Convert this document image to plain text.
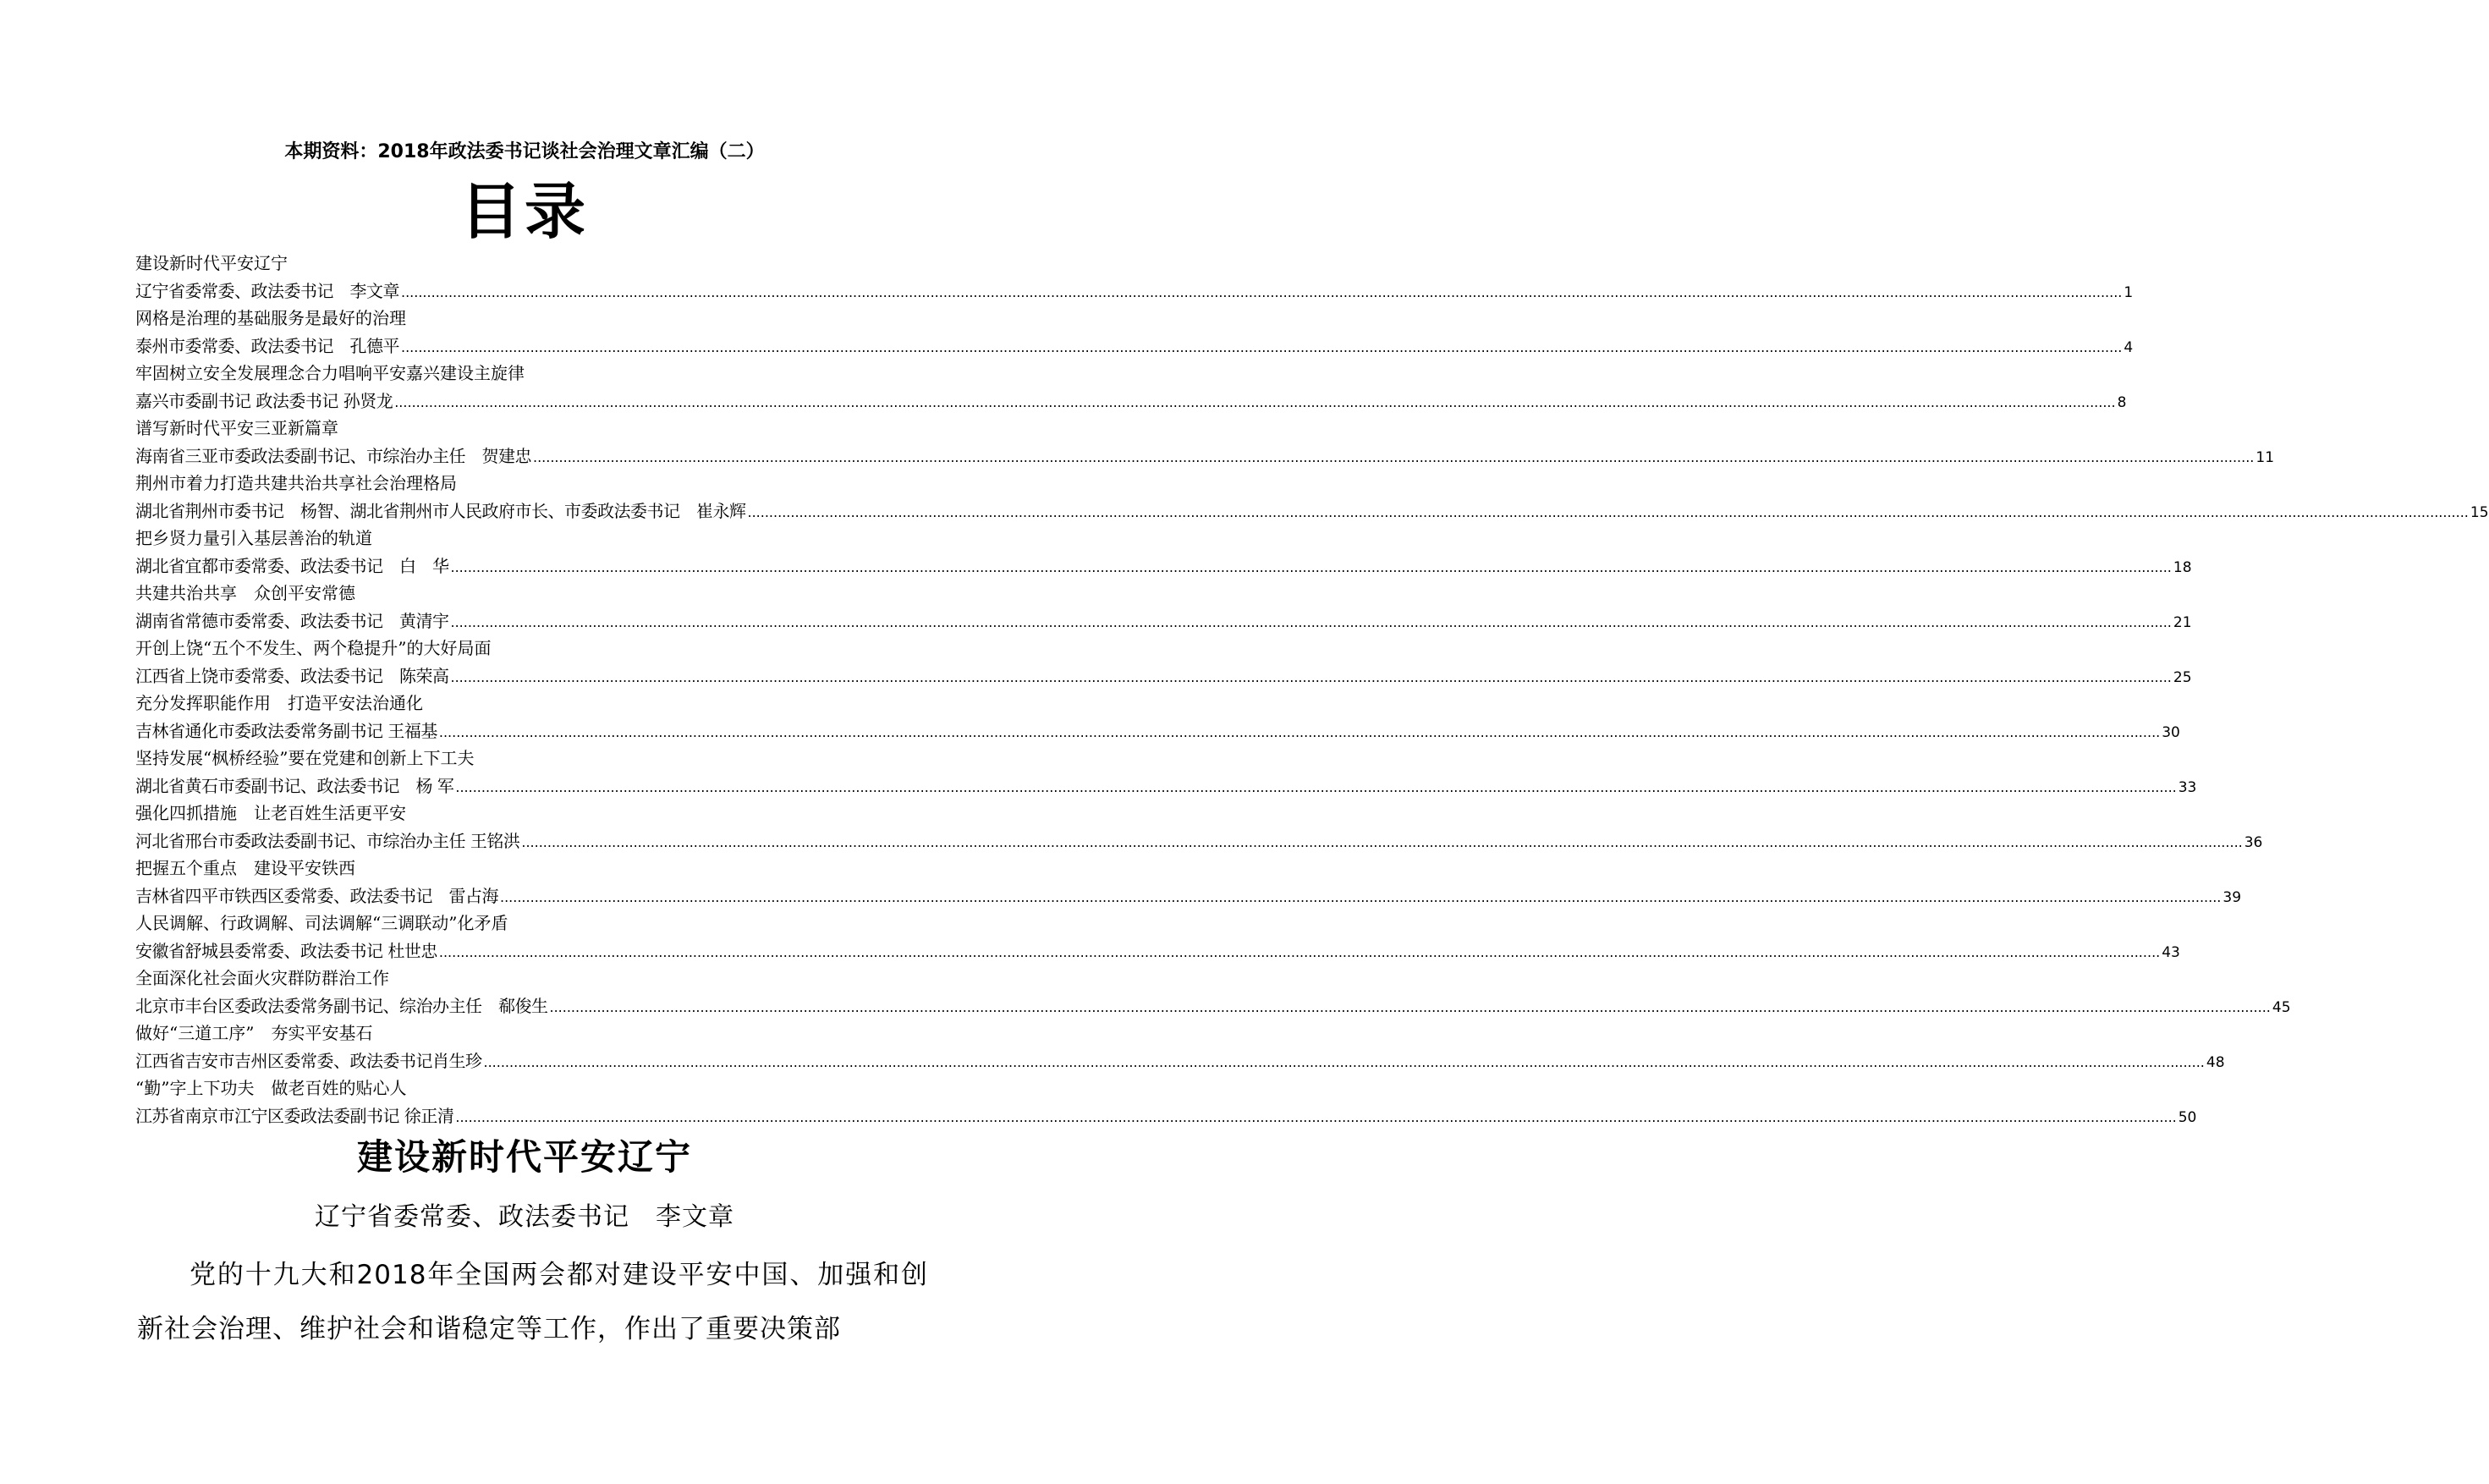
本期资料：2018年政法委书记谈社会治理文章汇编（二）
目录
建设新时代平安辽宁
辽宁省委常委、政法委书记　李文章 ................................................................................................................................................................................................................................................................................................................................................................................................................ 1
网格是治理的基础服务是最好的治理
泰州市委常委、政法委书记　孔德平 ................................................................................................................................................................................................................................................................................................................................................................................................................ 4
牢固树立安全发展理念合力唱响平安嘉兴建设主旋律
嘉兴市委副书记 政法委书记 孙贤龙 ................................................................................................................................................................................................................................................................................................................................................................................................................ 8
谱写新时代平安三亚新篇章
海南省三亚市委政法委副书记、市综治办主任　贺建忠 ................................................................................................................................................................................................................................................................................................................................................................................................................ 11
荆州市着力打造共建共治共享社会治理格局
湖北省荆州市委书记　杨智、湖北省荆州市人民政府市长、市委政法委书记　崔永辉 ................................................................................................................................................................................................................................................................................................................................................................................................................ 15
把乡贤力量引入基层善治的轨道
湖北省宜都市委常委、政法委书记　白　华 ................................................................................................................................................................................................................................................................................................................................................................................................................ 18
共建共治共享　众创平安常德
湖南省常德市委常委、政法委书记　黄清宇 ................................................................................................................................................................................................................................................................................................................................................................................................................ 21
开创上饶“五个不发生、两个稳提升”的大好局面
江西省上饶市委常委、政法委书记　陈荣高 ................................................................................................................................................................................................................................................................................................................................................................................................................ 25
充分发挥职能作用　打造平安法治通化
吉林省通化市委政法委常务副书记 王福基 ................................................................................................................................................................................................................................................................................................................................................................................................................ 30
坚持发展“枫桥经验”要在党建和创新上下工夫
湖北省黄石市委副书记、政法委书记　杨 军 ................................................................................................................................................................................................................................................................................................................................................................................................................ 33
强化四抓措施　让老百姓生活更平安
河北省邢台市委政法委副书记、市综治办主任 王铭洪 ................................................................................................................................................................................................................................................................................................................................................................................................................ 36
把握五个重点　建设平安铁西
吉林省四平市铁西区委常委、政法委书记　雷占海 ................................................................................................................................................................................................................................................................................................................................................................................................................ 39
人民调解、行政调解、司法调解“三调联动”化矛盾
安徽省舒城县委常委、政法委书记 杜世忠 ................................................................................................................................................................................................................................................................................................................................................................................................................ 43
全面深化社会面火灾群防群治工作
北京市丰台区委政法委常务副书记、综治办主任　郗俊生 ................................................................................................................................................................................................................................................................................................................................................................................................................ 45
做好“三道工序”　夯实平安基石
江西省吉安市吉州区委常委、政法委书记肖生珍 ................................................................................................................................................................................................................................................................................................................................................................................................................ 48
“勤”字上下功夫　做老百姓的贴心人
江苏省南京市江宁区委政法委副书记 徐正清 ................................................................................................................................................................................................................................................................................................................................................................................................................ 50
建设新时代平安辽宁
辽宁省委常委、政法委书记　李文章
党的十九大和2018年全国两会都对建设平安中国、加强和创新社会治理、维护社会和谐稳定等工作，作出了重要决策部
